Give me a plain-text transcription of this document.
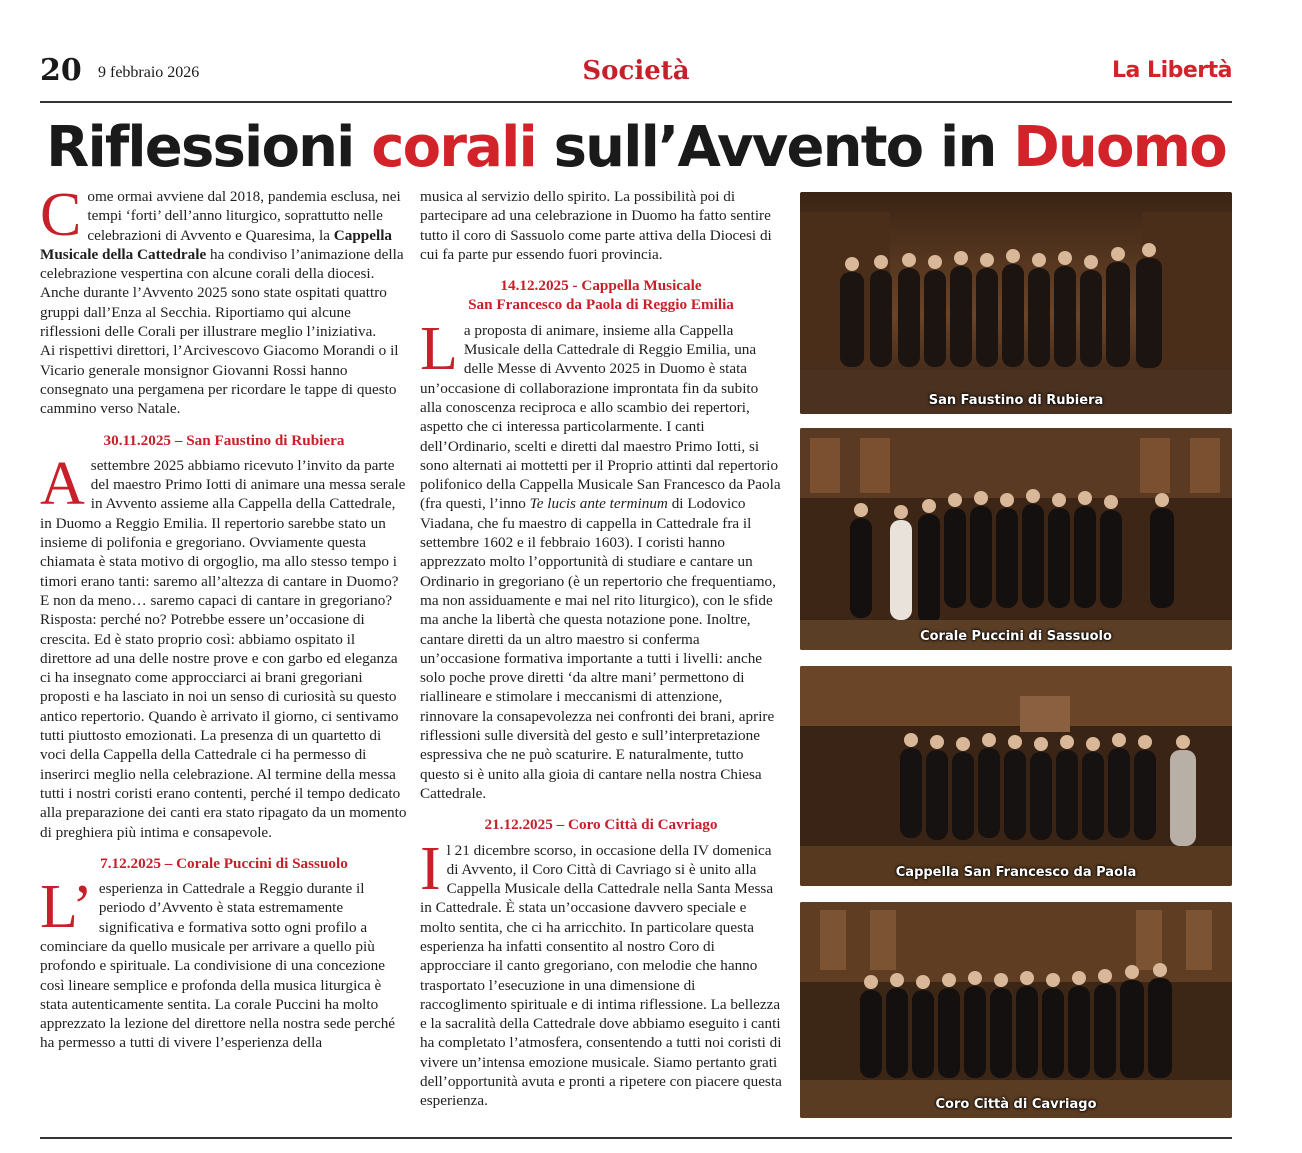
20 9 febbraio 2026	Società	La Libertà
Riflessioni corali sull’Avvento in Duomo

Come ormai avviene dal 2018, pandemia esclusa, nei tempi ‘forti’ dell’anno liturgico, soprattutto nelle celebrazioni di Avvento e Quaresima, la Cappella Musicale della Cattedrale ha condiviso l’animazione della celebrazione vespertina con alcune corali della diocesi. Anche durante l’Avvento 2025 sono state ospitati quattro gruppi dall’Enza al Secchia. Riportiamo qui alcune riflessioni delle Corali per illustrare meglio l’iniziativa.

Ai rispettivi direttori, l’Arcivescovo Giacomo Morandi o il Vicario generale monsignor Giovanni Rossi hanno consegnato una pergamena per ricordare le tappe di questo cammino verso Natale.

30.11.2025 – San Faustino di Rubiera

A settembre 2025 abbiamo ricevuto l’invito da parte del maestro Primo Iotti di animare una messa serale in Avvento assieme alla Cappella della Cattedrale, in Duomo a Reggio Emilia. Il repertorio sarebbe stato un insieme di polifonia e gregoriano. Ovviamente questa chiamata è stata motivo di orgoglio, ma allo stesso tempo i timori erano tanti: saremo all’altezza di cantare in Duomo? E non da meno… saremo capaci di cantare in gregoriano? Risposta: perché no? Potrebbe essere un’occasione di crescita. Ed è stato proprio così: abbiamo ospitato il direttore ad una delle nostre prove e con garbo ed eleganza ci ha insegnato come approcciarci ai brani gregoriani proposti e ha lasciato in noi un senso di curiosità su questo antico repertorio. Quando è arrivato il giorno, ci sentivamo tutti piuttosto emozionati. La presenza di un quartetto di voci della Cappella della Cattedrale ci ha permesso di inserirci meglio nella celebrazione. Al termine della messa tutti i nostri coristi erano contenti, perché il tempo dedicato alla preparazione dei canti era stato ripagato da un momento di preghiera più intima e consapevole.

7.12.2025 – Corale Puccini di Sassuolo

L’ esperienza in Cattedrale a Reggio durante il periodo d’Avvento è stata estremamente significativa e formativa sotto ogni profilo a cominciare da quello musicale per arrivare a quello più profondo e spirituale. La condivisione di una concezione così lineare semplice e profonda della musica liturgica è stata autenticamente sentita. La corale Puccini ha molto apprezzato la lezione del direttore nella nostra sede perché ha permesso a tutti di vivere l’esperienza della

musica al servizio dello spirito. La possibilità poi di partecipare ad una celebrazione in Duomo ha fatto sentire tutto il coro di Sassuolo come parte attiva della Diocesi di cui fa parte pur essendo fuori provincia.

14.12.2025 - Cappella Musicale
San Francesco da Paola di Reggio Emilia

La proposta di animare, insieme alla Cappella Musicale della Cattedrale di Reggio Emilia, una delle Messe di Avvento 2025 in Duomo è stata un’occasione di collaborazione improntata fin da subito alla conoscenza reciproca e allo scambio dei repertori, aspetto che ci interessa particolarmente. I canti dell’Ordinario, scelti e diretti dal maestro Primo Iotti, si sono alternati ai mottetti per il Proprio attinti dal repertorio polifonico della Cappella Musicale San Francesco da Paola (fra questi, l’inno Te lucis ante terminum di Lodovico Viadana, che fu maestro di cappella in Cattedrale fra il settembre 1602 e il febbraio 1603). I coristi hanno apprezzato molto l’opportunità di studiare e cantare un Ordinario in gregoriano (è un repertorio che frequentiamo, ma non assiduamente e mai nel rito liturgico), con le sfide ma anche la libertà che questa notazione pone. Inoltre, cantare diretti da un altro maestro si conferma un’occasione formativa importante a tutti i livelli: anche solo poche prove diretti ‘da altre mani’ permettono di riallineare e stimolare i meccanismi di attenzione, rinnovare la consapevolezza nei confronti dei brani, aprire riflessioni sulle diversità del gesto e sull’interpretazione espressiva che ne può scaturire. E naturalmente, tutto questo si è unito alla gioia di cantare nella nostra Chiesa Cattedrale.

21.12.2025 – Coro Città di Cavriago

Il 21 dicembre scorso, in occasione della IV domenica di Avvento, il Coro Città di Cavriago si è unito alla Cappella Musicale della Cattedrale nella Santa Messa in Cattedrale. È stata un’occasione davvero speciale e molto sentita, che ci ha arricchito. In particolare questa esperienza ha infatti consentito al nostro Coro di approcciare il canto gregoriano, con melodie che hanno trasportato l’esecuzione in una dimensione di raccoglimento spirituale e di intima riflessione. La bellezza e la sacralità della Cattedrale dove abbiamo eseguito i canti ha completato l’atmosfera, consentendo a tutti noi coristi di vivere un’intensa emozione musicale. Siamo pertanto grati dell’opportunità avuta e pronti a ripetere con piacere questa esperienza.

San Faustino di Rubiera
Corale Puccini di Sassuolo
Cappella San Francesco da Paola
Coro Città di Cavriago
